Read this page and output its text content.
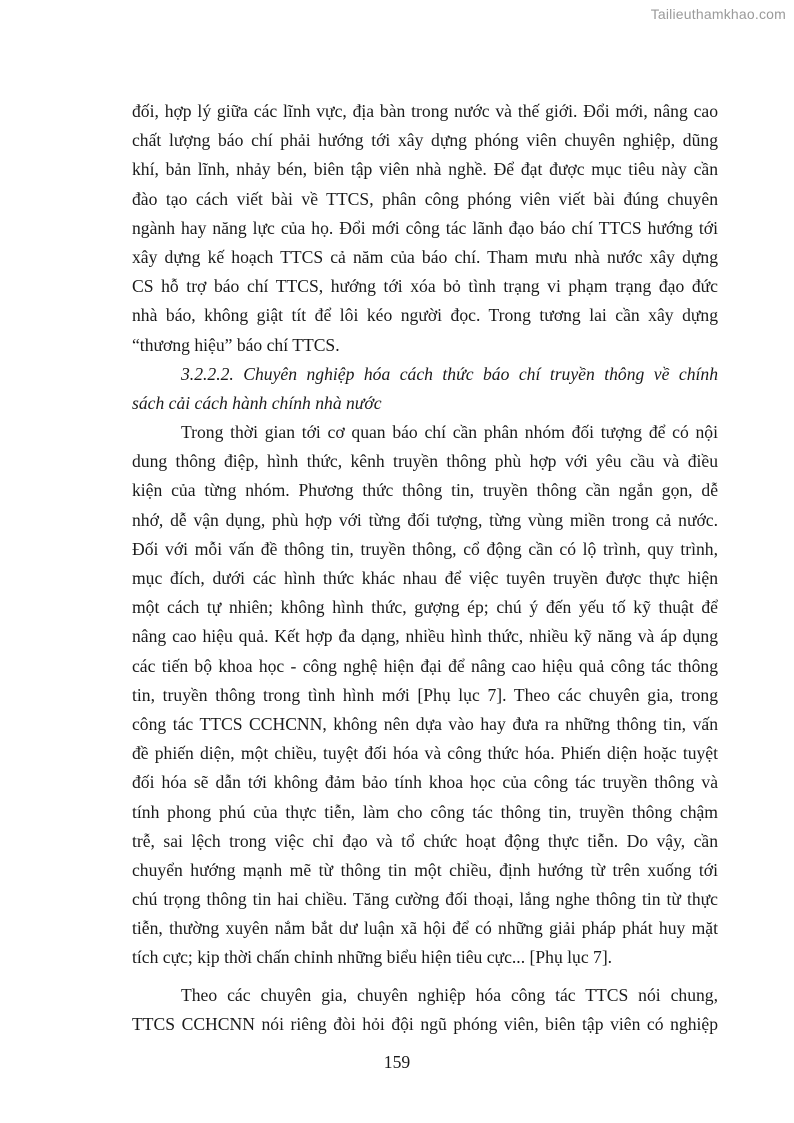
Tailieuthamkhao.com
đối, hợp lý giữa các lĩnh vực, địa bàn trong nước và thế giới. Đổi mới, nâng cao
chất lượng báo chí phải hướng tới xây dựng phóng viên chuyên nghiệp, dũng
khí, bản lĩnh, nhảy bén, biên tập viên nhà nghề. Để đạt được mục tiêu này cần
đào tạo cách viết bài về TTCS, phân công phóng viên viết bài đúng chuyên
ngành hay năng lực của họ. Đổi mới công tác lãnh đạo báo chí TTCS hướng tới
xây dựng kế hoạch TTCS cả năm của báo chí. Tham mưu nhà nước xây dựng
CS hỗ trợ báo chí TTCS, hướng tới xóa bỏ tình trạng vi phạm trạng đạo đức
nhà báo, không giật tít để lôi kéo người đọc. Trong tương lai cần xây dựng
“thương hiệu” báo chí TTCS.
3.2.2.2. Chuyên nghiệp hóa cách thức báo chí truyền thông về chính
sách cải cách hành chính nhà nước
Trong thời gian tới cơ quan báo chí cần phân nhóm đối tượng để có nội
dung thông điệp, hình thức, kênh truyền thông phù hợp với yêu cầu và điều
kiện của từng nhóm. Phương thức thông tin, truyền thông cần ngắn gọn, dễ
nhớ, dễ vận dụng, phù hợp với từng đối tượng, từng vùng miền trong cả nước.
Đối với mỗi vấn đề thông tin, truyền thông, cổ động cần có lộ trình, quy trình,
mục đích, dưới các hình thức khác nhau để việc tuyên truyền được thực hiện
một cách tự nhiên; không hình thức, gượng ép; chú ý đến yếu tố kỹ thuật để
nâng cao hiệu quả. Kết hợp đa dạng, nhiều hình thức, nhiều kỹ năng và áp dụng
các tiến bộ khoa học - công nghệ hiện đại để nâng cao hiệu quả công tác thông
tin, truyền thông trong tình hình mới [Phụ lục 7]. Theo các chuyên gia, trong
công tác TTCS CCHCNN, không nên dựa vào hay đưa ra những thông tin, vấn
đề phiến diện, một chiều, tuyệt đối hóa và công thức hóa. Phiến diện hoặc tuyệt
đối hóa sẽ dẫn tới không đảm bảo tính khoa học của công tác truyền thông và
tính phong phú của thực tiễn, làm cho công tác thông tin, truyền thông chậm
trễ, sai lệch trong việc chỉ đạo và tổ chức hoạt động thực tiễn. Do vậy, cần
chuyển hướng mạnh mẽ từ thông tin một chiều, định hướng từ trên xuống tới
chú trọng thông tin hai chiều. Tăng cường đối thoại, lắng nghe thông tin từ thực
tiễn, thường xuyên nắm bắt dư luận xã hội để có những giải pháp phát huy mặt
tích cực; kịp thời chấn chỉnh những biểu hiện tiêu cực... [Phụ lục 7].
Theo các chuyên gia, chuyên nghiệp hóa công tác TTCS nói chung,
TTCS CCHCNN nói riêng đòi hỏi đội ngũ phóng viên, biên tập viên có nghiệp
159
